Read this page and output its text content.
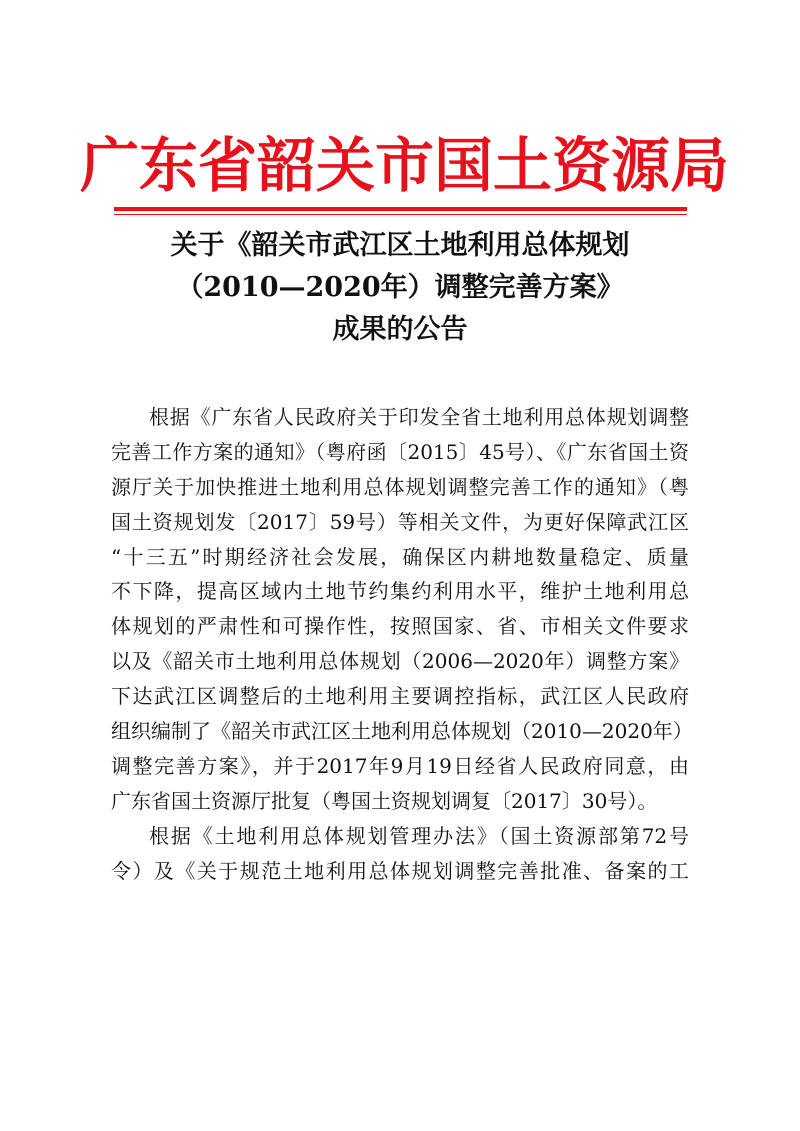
广东省韶关市国土资源局
关于《韶关市武江区土地利用总体规划
（2010—2020年）调整完善方案》
成果的公告
根据《广东省人民政府关于印发全省土地利用总体规划调整
完善工作方案的通知》（粤府函〔2015〕45号）、《广东省国土资
源厅关于加快推进土地利用总体规划调整完善工作的通知》（粤
国土资规划发〔2017〕59号）等相关文件，为更好保障武江区
“十三五”时期经济社会发展，确保区内耕地数量稳定、质量
不下降，提高区域内土地节约集约利用水平，维护土地利用总
体规划的严肃性和可操作性，按照国家、省、市相关文件要求
以及《韶关市土地利用总体规划（2006—2020年）调整方案》
下达武江区调整后的土地利用主要调控指标，武江区人民政府
组织编制了《韶关市武江区土地利用总体规划（2010—2020年）
调整完善方案》，并于2017年9月19日经省人民政府同意，由
广东省国土资源厅批复（粤国土资规划调复〔2017〕30号）。
根据《土地利用总体规划管理办法》（国土资源部第72号
令）及《关于规范土地利用总体规划调整完善批准、备案的工
